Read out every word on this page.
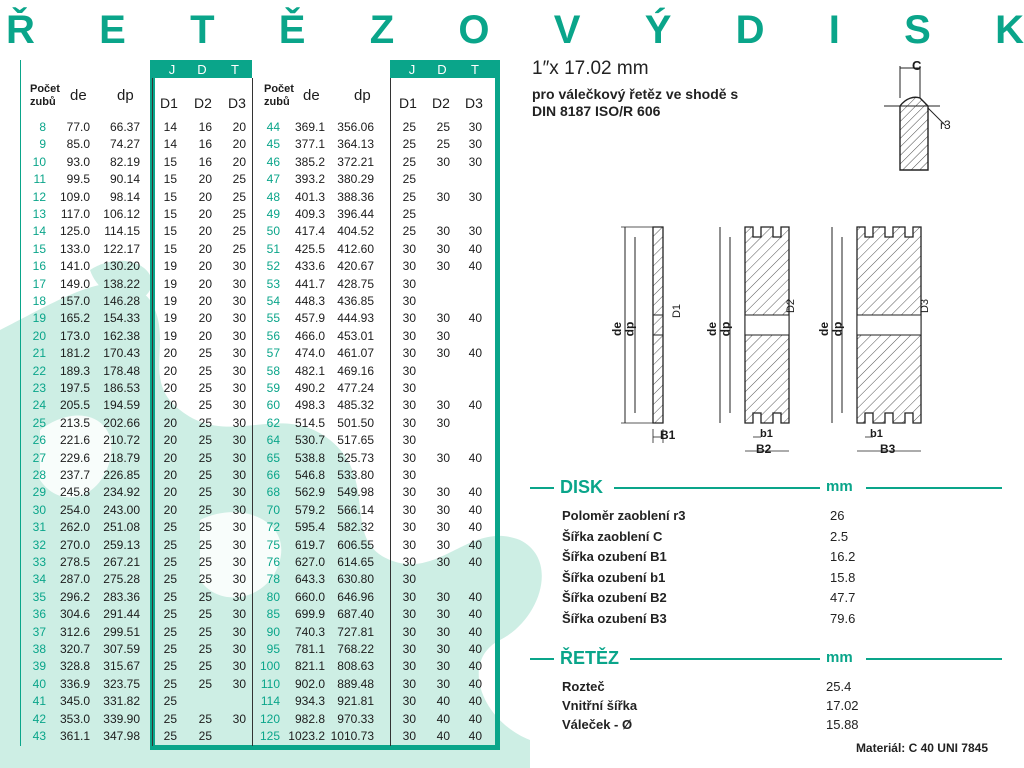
Ř E T Ě Z O V Ý D I S K
J	D	T	J	D	T
Počet zubů de dp D1 D2 D3
Počet zubů de dp D1 D2 D3
8	77.0	66.37	14	16	20
9	85.0	74.27	14	16	20
10	93.0	82.19	15	16	20
11	99.5	90.14	15	20	25
12	109.0	98.14	15	20	25
13	117.0	106.12	15	20	25
14	125.0	114.15	15	20	25
15	133.0	122.17	15	20	25
16	141.0	130.20	19	20	30
17	149.0	138.22	19	20	30
18	157.0	146.28	19	20	30
19	165.2	154.33	19	20	30
20	173.0	162.38	19	20	30
21	181.2	170.43	20	25	30
22	189.3	178.48	20	25	30
23	197.5	186.53	20	25	30
24	205.5	194.59	20	25	30
25	213.5	202.66	20	25	30
26	221.6	210.72	20	25	30
27	229.6	218.79	20	25	30
28	237.7	226.85	20	25	30
29	245.8	234.92	20	25	30
30	254.0	243.00	20	25	30
31	262.0	251.08	25	25	30
32	270.0	259.13	25	25	30
33	278.5	267.21	25	25	30
34	287.0	275.28	25	25	30
35	296.2	283.36	25	25	30
36	304.6	291.44	25	25	30
37	312.6	299.51	25	25	30
38	320.7	307.59	25	25	30
39	328.8	315.67	25	25	30
40	336.9	323.75	25	25	30
41	345.0	331.82	25
42	353.0	339.90	25	25	30
43	361.1	347.98	25	25
44	369.1	356.06	25	25	30
45	377.1	364.13	25	25	30
46	385.2	372.21	25	30	30
47	393.2	380.29	25
48	401.3	388.36	25	30	30
49	409.3	396.44	25
50	417.4	404.52	25	30	30
51	425.5	412.60	30	30	40
52	433.6	420.67	30	30	40
53	441.7	428.75	30
54	448.3	436.85	30
55	457.9	444.93	30	30	40
56	466.0	453.01	30	30
57	474.0	461.07	30	30	40
58	482.1	469.16	30
59	490.2	477.24	30
60	498.3	485.32	30	30	40
62	514.5	501.50	30	30
64	530.7	517.65	30
65	538.8	525.73	30	30	40
66	546.8	533.80	30
68	562.9	549.98	30	30	40
70	579.2	566.14	30	30	40
72	595.4	582.32	30	30	40
75	619.7	606.55	30	30	40
76	627.0	614.65	30	30	40
78	643.3	630.80	30
80	660.0	646.96	30	30	40
85	699.9	687.40	30	30	40
90	740.3	727.81	30	30	40
95	781.1	768.22	30	30	40
100	821.1	808.63	30	30	40
110	902.0	889.48	30	30	40
114	934.3	921.81	30	40	40
120	982.8	970.33	30	40	40
125 1023.2 1010.73	30	40	40
1″x 17.02 mm
pro válečkový řetěz ve shodě s
DIN 8187 ISO/R 606
C
r3
de
dp
D1
B1
de dp
D2
b1
B2
de dp
D3
b1
B3
DISK	mm
Poloměr zaoblení r3	26
Šířka zaoblení C	2.5
Šířka ozubení B1	16.2
Šířka ozubení b1	15.8
Šířka ozubení B2	47.7
Šířka ozubení B3	79.6
ŘETĚZ	mm
Rozteč	25.4
Vnitřní šířka	17.02
Váleček - Ø	15.88
Materiál: C 40 UNI 7845
